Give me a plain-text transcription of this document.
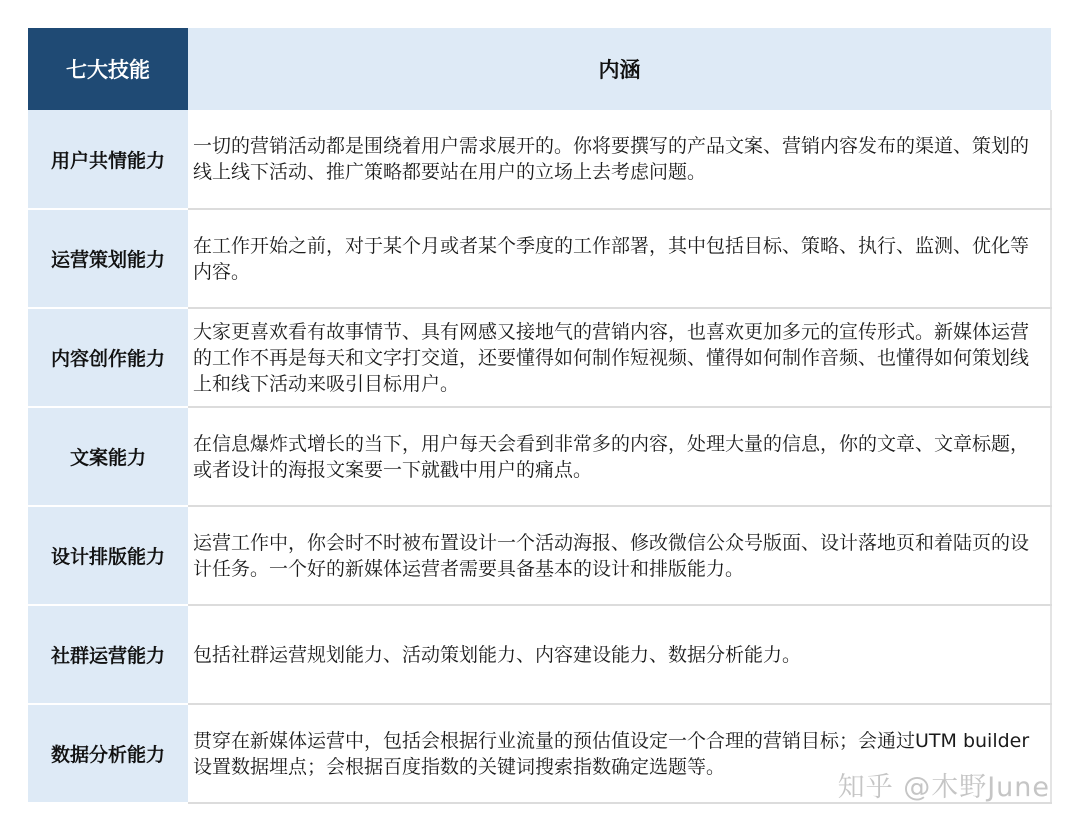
七大技能	内涵
用户共情能力	一切的营销活动都是围绕着用户需求展开的。你将要撰写的产品文案、营销内容发布的渠道、策划的线上线下活动、推广策略都要站在用户的立场上去考虑问题。
运营策划能力	在工作开始之前，对于某个月或者某个季度的工作部署，其中包括目标、策略、执行、监测、优化等内容。
内容创作能力	大家更喜欢看有故事情节、具有网感又接地气的营销内容，也喜欢更加多元的宣传形式。新媒体运营的工作不再是每天和文字打交道，还要懂得如何制作短视频、懂得如何制作音频、也懂得如何策划线上和线下活动来吸引目标用户。
文案能力	在信息爆炸式增长的当下，用户每天会看到非常多的内容，处理大量的信息，你的文章、文章标题，或者设计的海报文案要一下就戳中用户的痛点。
设计排版能力	运营工作中，你会时不时被布置设计一个活动海报、修改微信公众号版面、设计落地页和着陆页的设计任务。一个好的新媒体运营者需要具备基本的设计和排版能力。
社群运营能力	包括社群运营规划能力、活动策划能力、内容建设能力、数据分析能力。
数据分析能力	贯穿在新媒体运营中，包括会根据行业流量的预估值设定一个合理的营销目标；会通过UTM builder设置数据埋点；会根据百度指数的关键词搜索指数确定选题等。
知乎 @木野June
